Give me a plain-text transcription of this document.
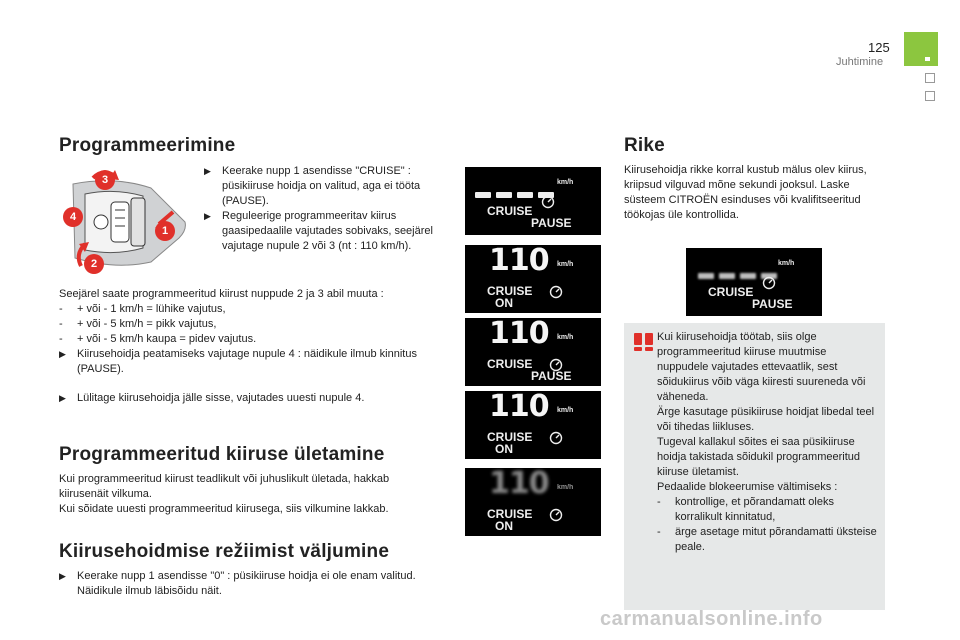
125
Juhtimine
Programmeerimine
3
4
1
2
▶ Keerake nupp 1 asendisse "CRUISE" : püsikiiruse hoidja on valitud, aga ei tööta (PAUSE).
▶ Reguleerige programmeeritav kiirus gaasipedaalile vajutades sobivaks, seejärel vajutage nupule 2 või 3 (nt : 110 km/h).
Seejärel saate programmeeritud kiirust nuppude 2 ja 3 abil muuta :
- + või - 1 km/h = lühike vajutus,
- + või - 5 km/h = pikk vajutus,
- + või - 5 km/h kaupa = pidev vajutus.
▶ Kiirusehoidja peatamiseks vajutage nupule 4 : näidikule ilmub kinnitus (PAUSE).
▶ Lülitage kiirusehoidja jälle sisse, vajutades uuesti nupule 4.
Programmeeritud kiiruse ületamine
Kui programmeeritud kiirust teadlikult või juhuslikult ületada, hakkab kiirusenäit vilkuma.
Kui sõidate uuesti programmeeritud kiirusega, siis vilkumine lakkab.
Kiirusehoidmise režiimist väljumine
▶ Keerake nupp 1 asendisse "0" : püsikiiruse hoidja ei ole enam valitud. Näidikule ilmub läbisõidu näit.
km/h
CRUISE
PAUSE
110 km/h
CRUISE
ON
110 km/h
CRUISE
PAUSE
110 km/h
CRUISE
ON
110 km/h
CRUISE
ON
Rike
Kiirusehoidja rikke korral kustub mälus olev kiirus, kriipsud vilguvad mõne sekundi jooksul. Laske süsteem CITROËN esinduses või kvalifitseeritud töökojas üle kontrollida.
km/h
CRUISE
PAUSE
Kui kiirusehoidja töötab, siis olge programmeeritud kiiruse muutmise nuppudele vajutades ettevaatlik, sest sõidukiirus võib väga kiiresti suureneda või väheneda.
Ärge kasutage püsikiiruse hoidjat libedal teel või tihedas liikluses.
Tugeval kallakul sõites ei saa püsikiiruse hoidja takistada sõidukil programmeeritud kiiruse ületamist.
Pedaalide blokeerumise vältimiseks :
- kontrollige, et põrandamatt oleks korralikult kinnitatud,
- ärge asetage mitut põrandamatti üksteise peale.
carmanualsonline.info
